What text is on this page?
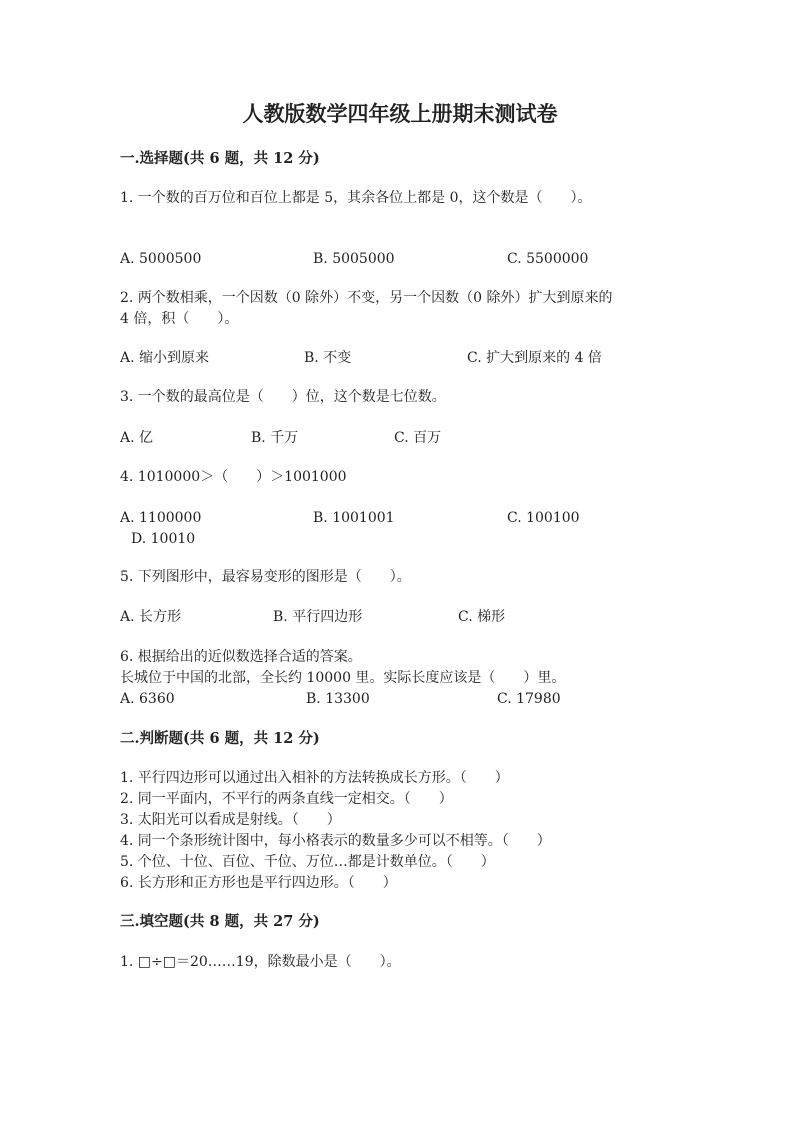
人教版数学四年级上册期末测试卷
一.选择题(共 6 题，共 12 分)
1. 一个数的百万位和百位上都是 5，其余各位上都是 0，这个数是（　　）。
A. 5000500	B. 5005000	C. 5500000
2. 两个数相乘，一个因数（0 除外）不变，另一个因数（0 除外）扩大到原来的
4 倍，积（　　）。
A. 缩小到原来	B. 不变	C. 扩大到原来的 4 倍
3. 一个数的最高位是（　　）位，这个数是七位数。
A. 亿	B. 千万	C. 百万
4. 1010000＞（　　）＞1001000
A. 1100000	B. 1001001	C. 100100
D. 10010
5. 下列图形中，最容易变形的图形是（　　）。
A. 长方形	B. 平行四边形	C. 梯形
6. 根据给出的近似数选择合适的答案。
长城位于中国的北部，全长约 10000 里。实际长度应该是（　　）里。
A. 6360	B. 13300	C. 17980
二.判断题(共 6 题，共 12 分)
1. 平行四边形可以通过出入相补的方法转换成长方形。（　　）
2. 同一平面内，不平行的两条直线一定相交。（　　）
3. 太阳光可以看成是射线。（　　）
4. 同一个条形统计图中，每小格表示的数量多少可以不相等。（　　）
5. 个位、十位、百位、千位、万位…都是计数单位。（　　）
6. 长方形和正方形也是平行四边形。（　　）
三.填空题(共 8 题，共 27 分)
1. □÷□＝20……19，除数最小是（　　）。
